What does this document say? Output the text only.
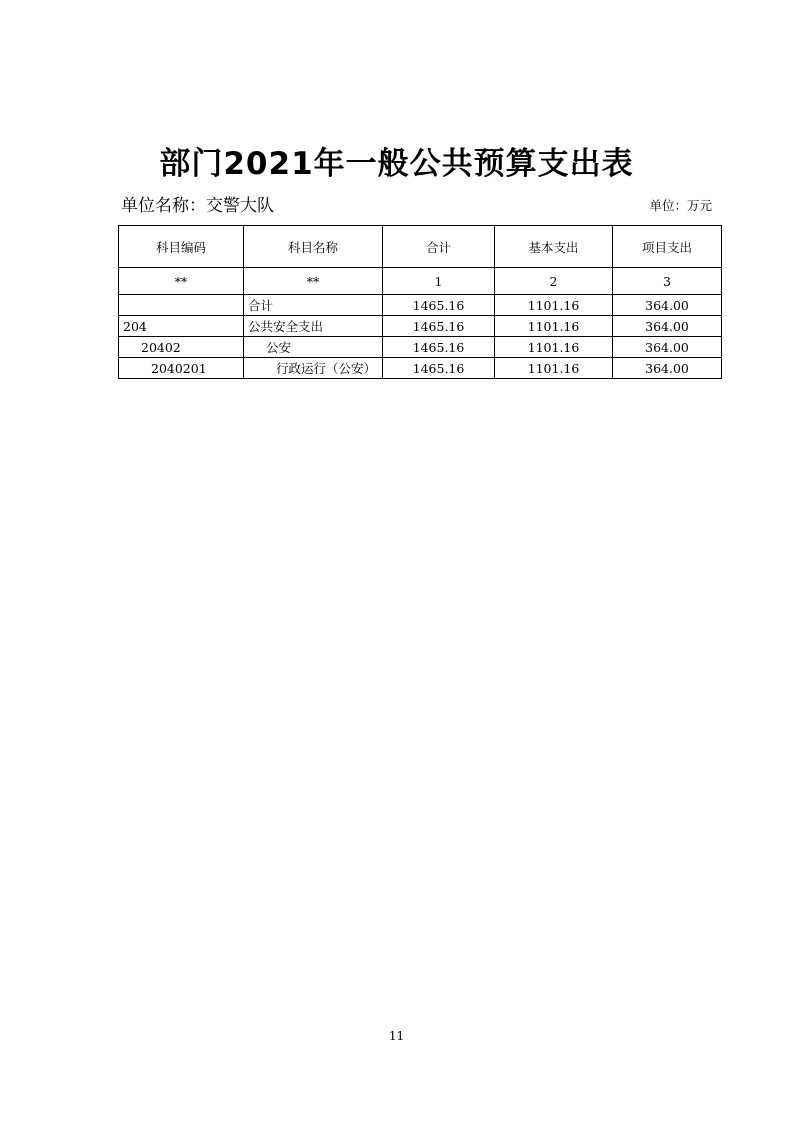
部门2021年一般公共预算支出表
单位名称：交警大队	单位：万元
科目编码	科目名称	合计	基本支出	项目支出
**	**	1	2	3
	合计	1465.16	1101.16	364.00
204	公共安全支出	1465.16	1101.16	364.00
20402	公安	1465.16	1101.16	364.00
2040201	行政运行（公安）	1465.16	1101.16	364.00
11
